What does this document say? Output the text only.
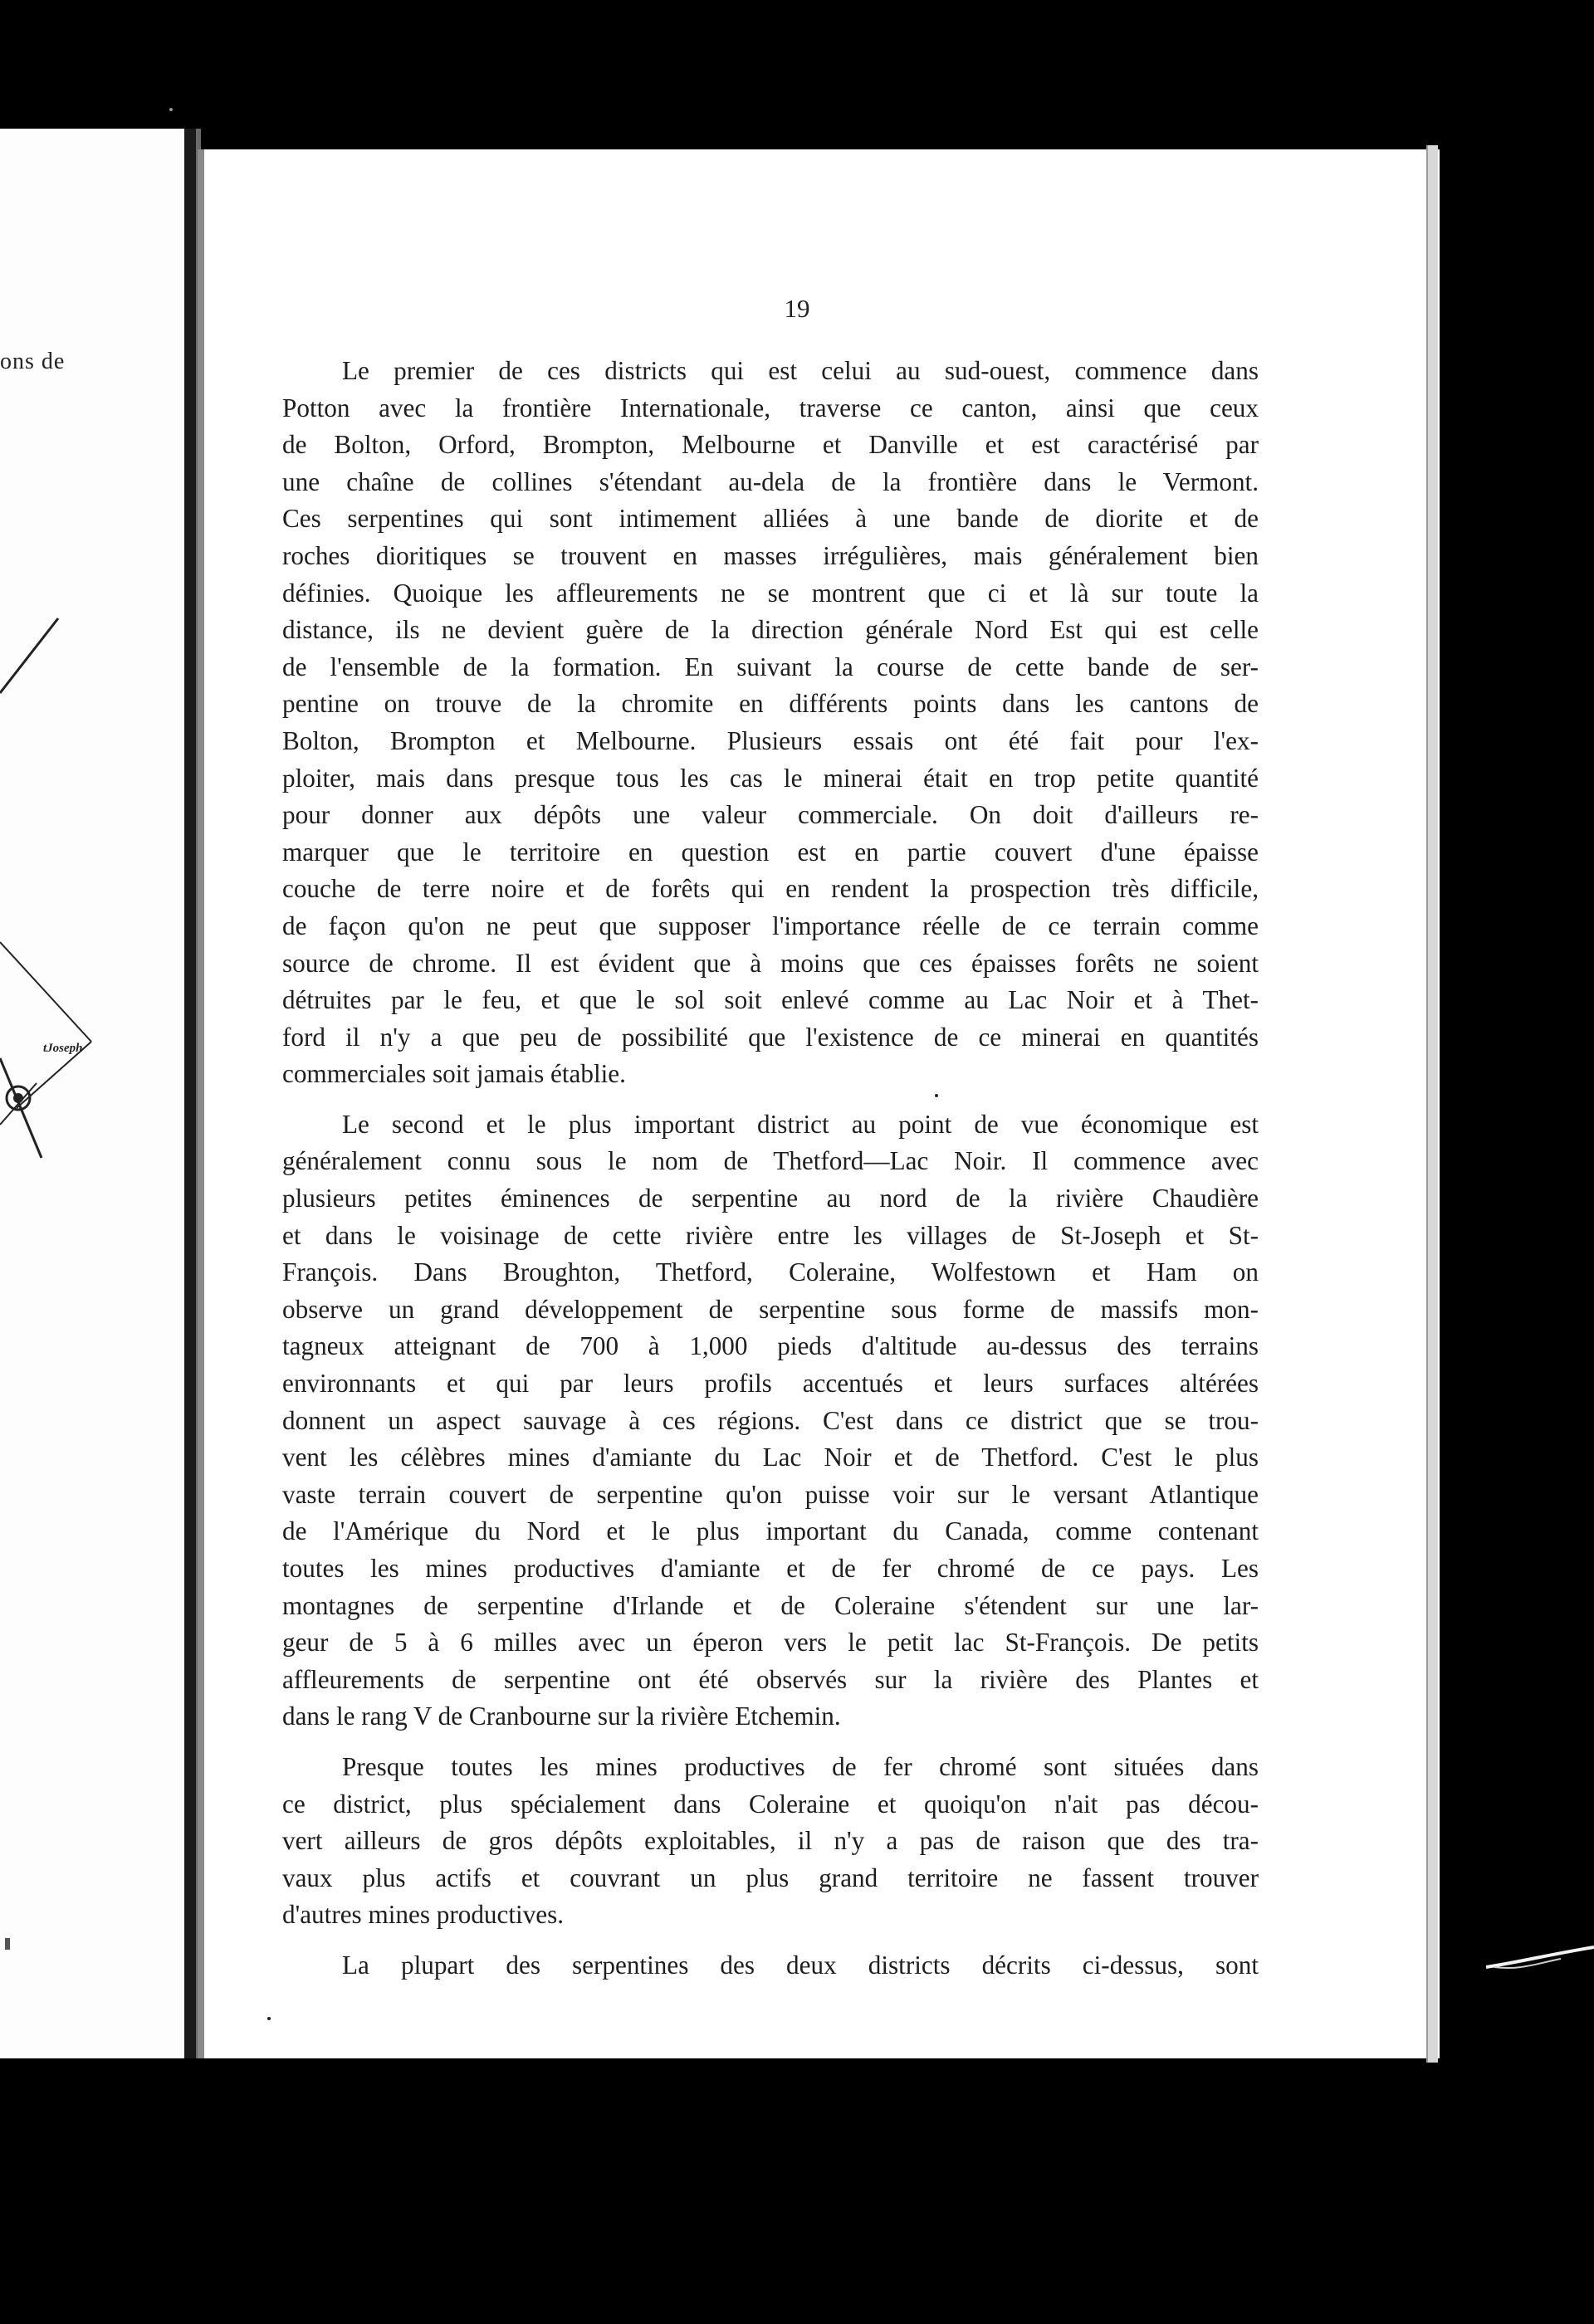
ons de
tJoseph
19

Le premier de ces districts qui est celui au sud-ouest, commence dans
Potton avec la frontière Internationale, traverse ce canton, ainsi que ceux
de Bolton, Orford, Brompton, Melbourne et Danville et est caractérisé par
une chaîne de collines s'étendant au-dela de la frontière dans le Vermont.
Ces serpentines qui sont intimement alliées à une bande de diorite et de
roches dioritiques se trouvent en masses irrégulières, mais généralement bien
définies. Quoique les affleurements ne se montrent que ci et là sur toute la
distance, ils ne devient guère de la direction générale Nord Est qui est celle
de l'ensemble de la formation. En suivant la course de cette bande de ser-
pentine on trouve de la chromite en différents points dans les cantons de
Bolton, Brompton et Melbourne. Plusieurs essais ont été fait pour l'ex-
ploiter, mais dans presque tous les cas le minerai était en trop petite quantité
pour donner aux dépôts une valeur commerciale. On doit d'ailleurs re-
marquer que le territoire en question est en partie couvert d'une épaisse
couche de terre noire et de forêts qui en rendent la prospection très difficile,
de façon qu'on ne peut que supposer l'importance réelle de ce terrain comme
source de chrome. Il est évident que à moins que ces épaisses forêts ne soient
détruites par le feu, et que le sol soit enlevé comme au Lac Noir et à Thet-
ford il n'y a que peu de possibilité que l'existence de ce minerai en quantités
commerciales soit jamais établie.

Le second et le plus important district au point de vue économique est
généralement connu sous le nom de Thetford—Lac Noir. Il commence avec
plusieurs petites éminences de serpentine au nord de la rivière Chaudière
et dans le voisinage de cette rivière entre les villages de St-Joseph et St-
François. Dans Broughton, Thetford, Coleraine, Wolfestown et Ham on
observe un grand développement de serpentine sous forme de massifs mon-
tagneux atteignant de 700 à 1,000 pieds d'altitude au-dessus des terrains
environnants et qui par leurs profils accentués et leurs surfaces altérées
donnent un aspect sauvage à ces régions. C'est dans ce district que se trou-
vent les célèbres mines d'amiante du Lac Noir et de Thetford. C'est le plus
vaste terrain couvert de serpentine qu'on puisse voir sur le versant Atlantique
de l'Amérique du Nord et le plus important du Canada, comme contenant
toutes les mines productives d'amiante et de fer chromé de ce pays. Les
montagnes de serpentine d'Irlande et de Coleraine s'étendent sur une lar-
geur de 5 à 6 milles avec un éperon vers le petit lac St-François. De petits
affleurements de serpentine ont été observés sur la rivière des Plantes et
dans le rang V de Cranbourne sur la rivière Etchemin.

Presque toutes les mines productives de fer chromé sont situées dans
ce district, plus spécialement dans Coleraine et quoiqu'on n'ait pas décou-
vert ailleurs de gros dépôts exploitables, il n'y a pas de raison que des tra-
vaux plus actifs et couvrant un plus grand territoire ne fassent trouver
d'autres mines productives.

La plupart des serpentines des deux districts décrits ci-dessus, sont
